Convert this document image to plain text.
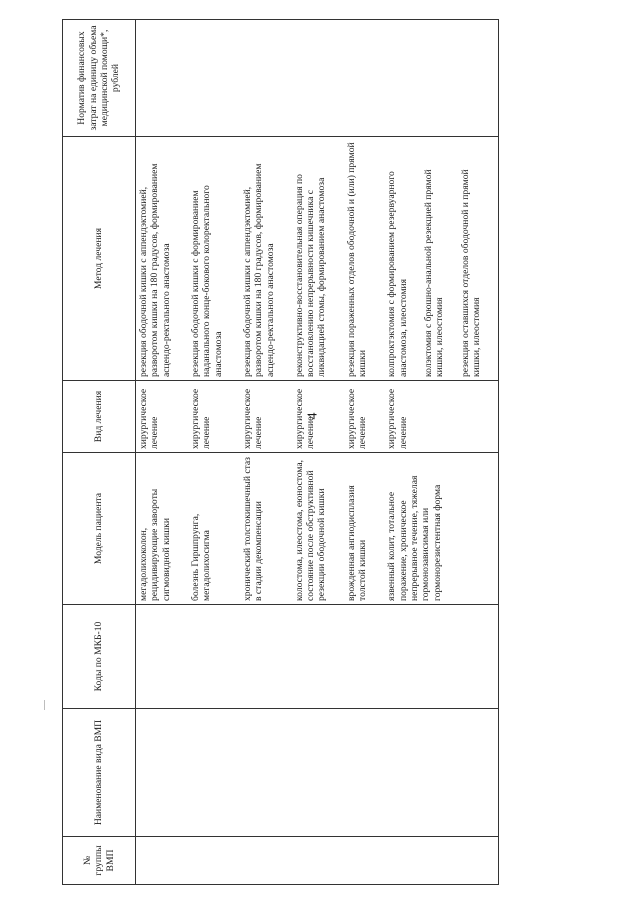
4
№ группы ВМП	Наименование вида ВМП	Коды по МКБ-10	Модель пациента	Вид лечения	Метод лечения	Норматив финансовых затрат на единицу объема медицинской помощи*, рублей
			мегадолихоколон, рецидивирующие завороты сигмовидной кишки	хирургическое лечение	резекция ободочной кишки с аппендэктомией, разворотом кишки на 180 градусов, формированием асцендо-ректального анастомоза	

			болезнь Гиршпрунга, мегадолихосигма	хирургическое лечение	резекция ободочной кишки с формированием наданального конце-бокового колоректального анастомоза	

			хронический толстокишечный стаз в стадии декомпенсации	хирургическое лечение	резекция ободочной кишки с аппендэктомией, разворотом кишки на 180 градусов, формированием асцендо-ректального анастомоза	

			колостома, илеостома, еюностома, состояние после обструктивной резекции ободочной кишки	хирургическое лечение	реконструктивно-восстановительная операция по восстановлению непрерывности кишечника с ликвидацией стомы, формированием анастомоза	

			врожденная ангиодисплазия толстой кишки	хирургическое лечение	резекция пораженных отделов ободочной и (или) прямой кишки	

			язвенный колит, тотальное поражение, хроническое непрерывное течение, тяжелая гормонозависимая или гормонорезистентная форма	хирургическое лечение	колпроктэктомия с формированием резервуарного анастомоза, илеостомия колэктомия с брюшно-анальной резекцией прямой кишки, илеостомия резекция оставшихся отделов ободочной и прямой кишки, илеостомия	
